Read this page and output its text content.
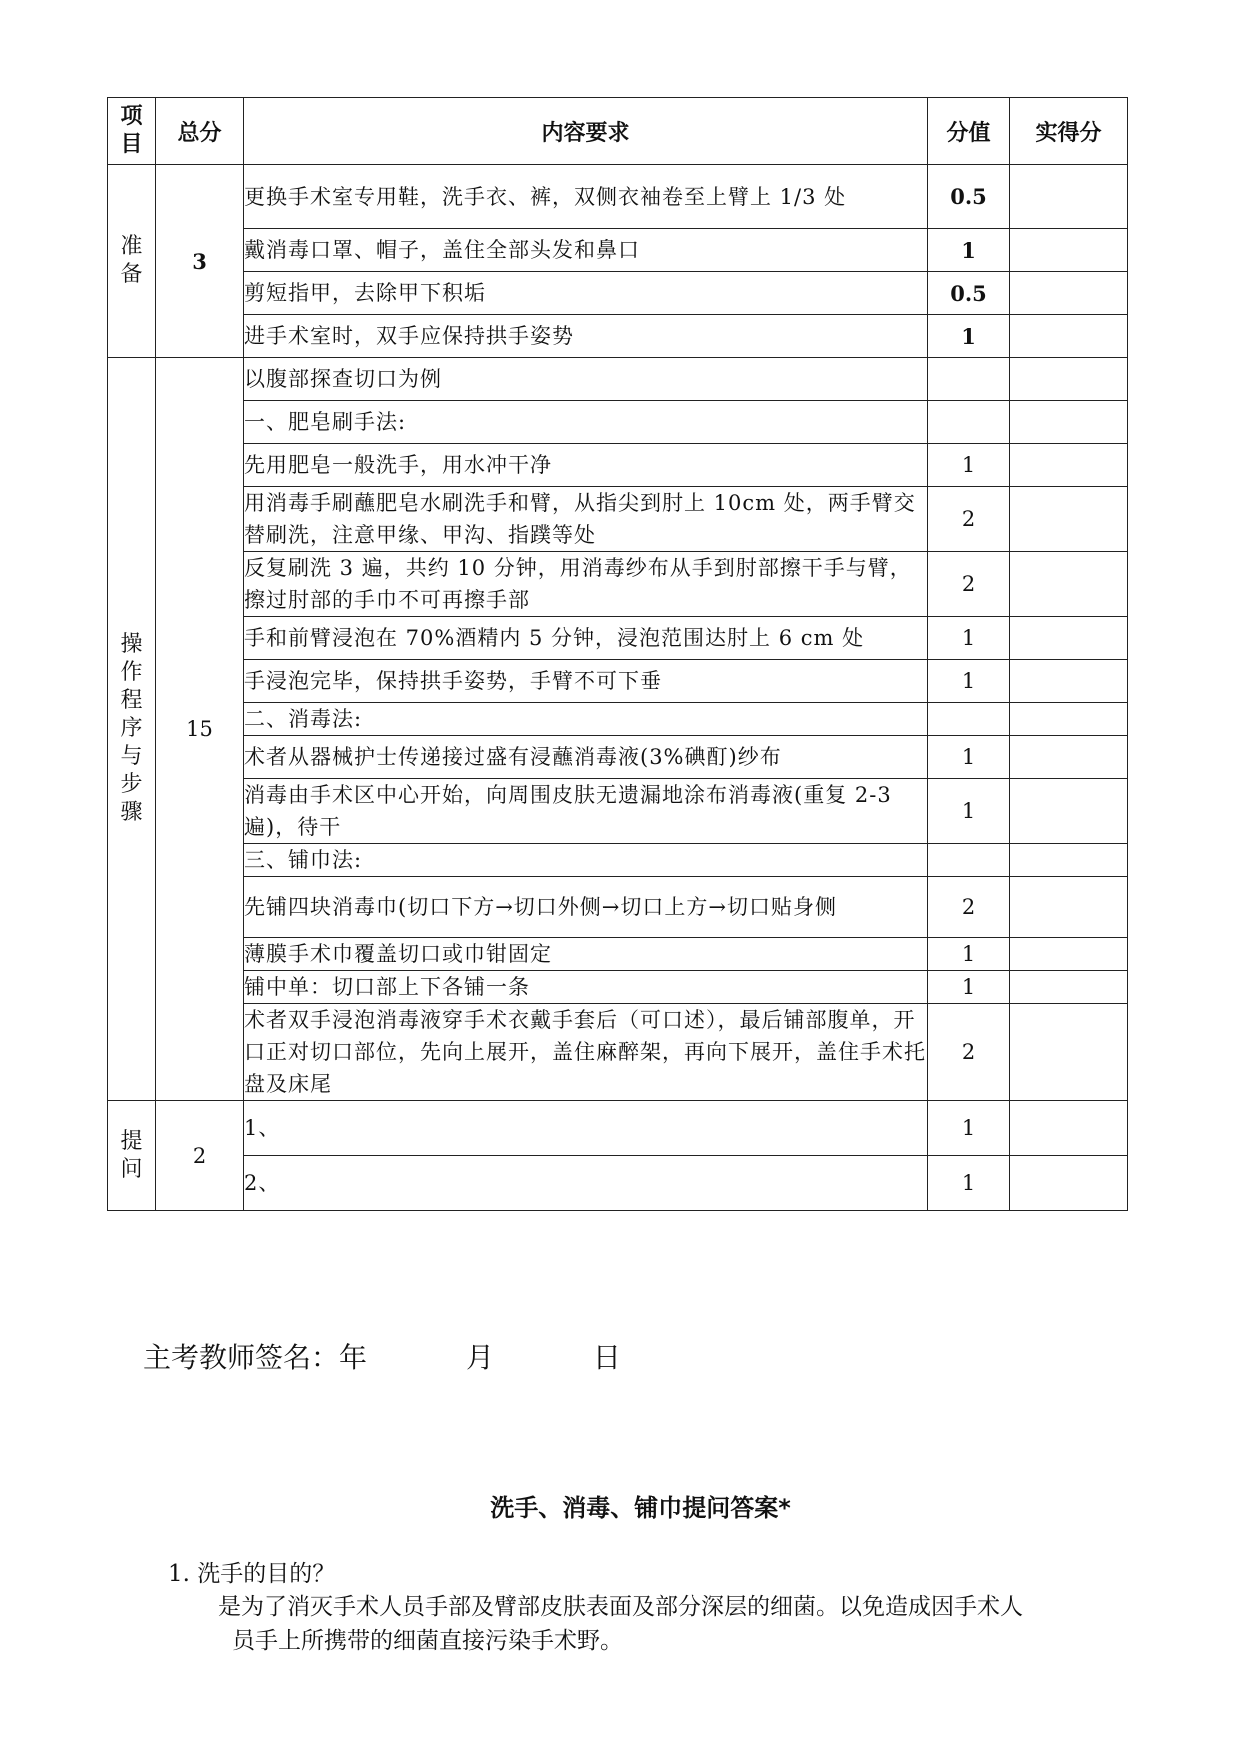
项目	总分	内容要求	分值	实得分
准备	3	更换手术室专用鞋，洗手衣、裤，双侧衣袖卷至上臂上 1/3 处	0.5	
		戴消毒口罩、帽子，盖住全部头发和鼻口	1	
		剪短指甲，去除甲下积垢	0.5	
		进手术室时，双手应保持拱手姿势	1	
操作程序与步骤	15	以腹部探查切口为例		
		一、肥皂刷手法:		
		先用肥皂一般洗手，用水冲干净	1	
		用消毒手刷蘸肥皂水刷洗手和臂，从指尖到肘上 10cm 处，两手臂交替刷洗，注意甲缘、甲沟、指蹼等处	2	
		反复刷洗 3 遍，共约 10 分钟，用消毒纱布从手到肘部擦干手与臂，擦过肘部的手巾不可再擦手部	2	
		手和前臂浸泡在 70%酒精内 5 分钟，浸泡范围达肘上 6 cm 处	1	
		手浸泡完毕，保持拱手姿势，手臂不可下垂	1	
		二、消毒法:		
		术者从器械护士传递接过盛有浸蘸消毒液(3%碘酊)纱布	1	
		消毒由手术区中心开始，向周围皮肤无遗漏地涂布消毒液(重复 2-3 遍)，待干	1	
		三、铺巾法:		
		先铺四块消毒巾(切口下方→切口外侧→切口上方→切口贴身侧	2	
		薄膜手术巾覆盖切口或巾钳固定	1	
		铺中单：切口部上下各铺一条	1	
		术者双手浸泡消毒液穿手术衣戴手套后（可口述），最后铺部腹单，开口正对切口部位，先向上展开，盖住麻醉架，再向下展开，盖住手术托盘及床尾	2	
提问	2	1、	1	
		2、	1	
主考教师签名：年	月	日
洗手、消毒、铺巾提问答案*
1. 洗手的目的？
是为了消灭手术人员手部及臂部皮肤表面及部分深层的细菌。以免造成因手术人
员手上所携带的细菌直接污染手术野。
